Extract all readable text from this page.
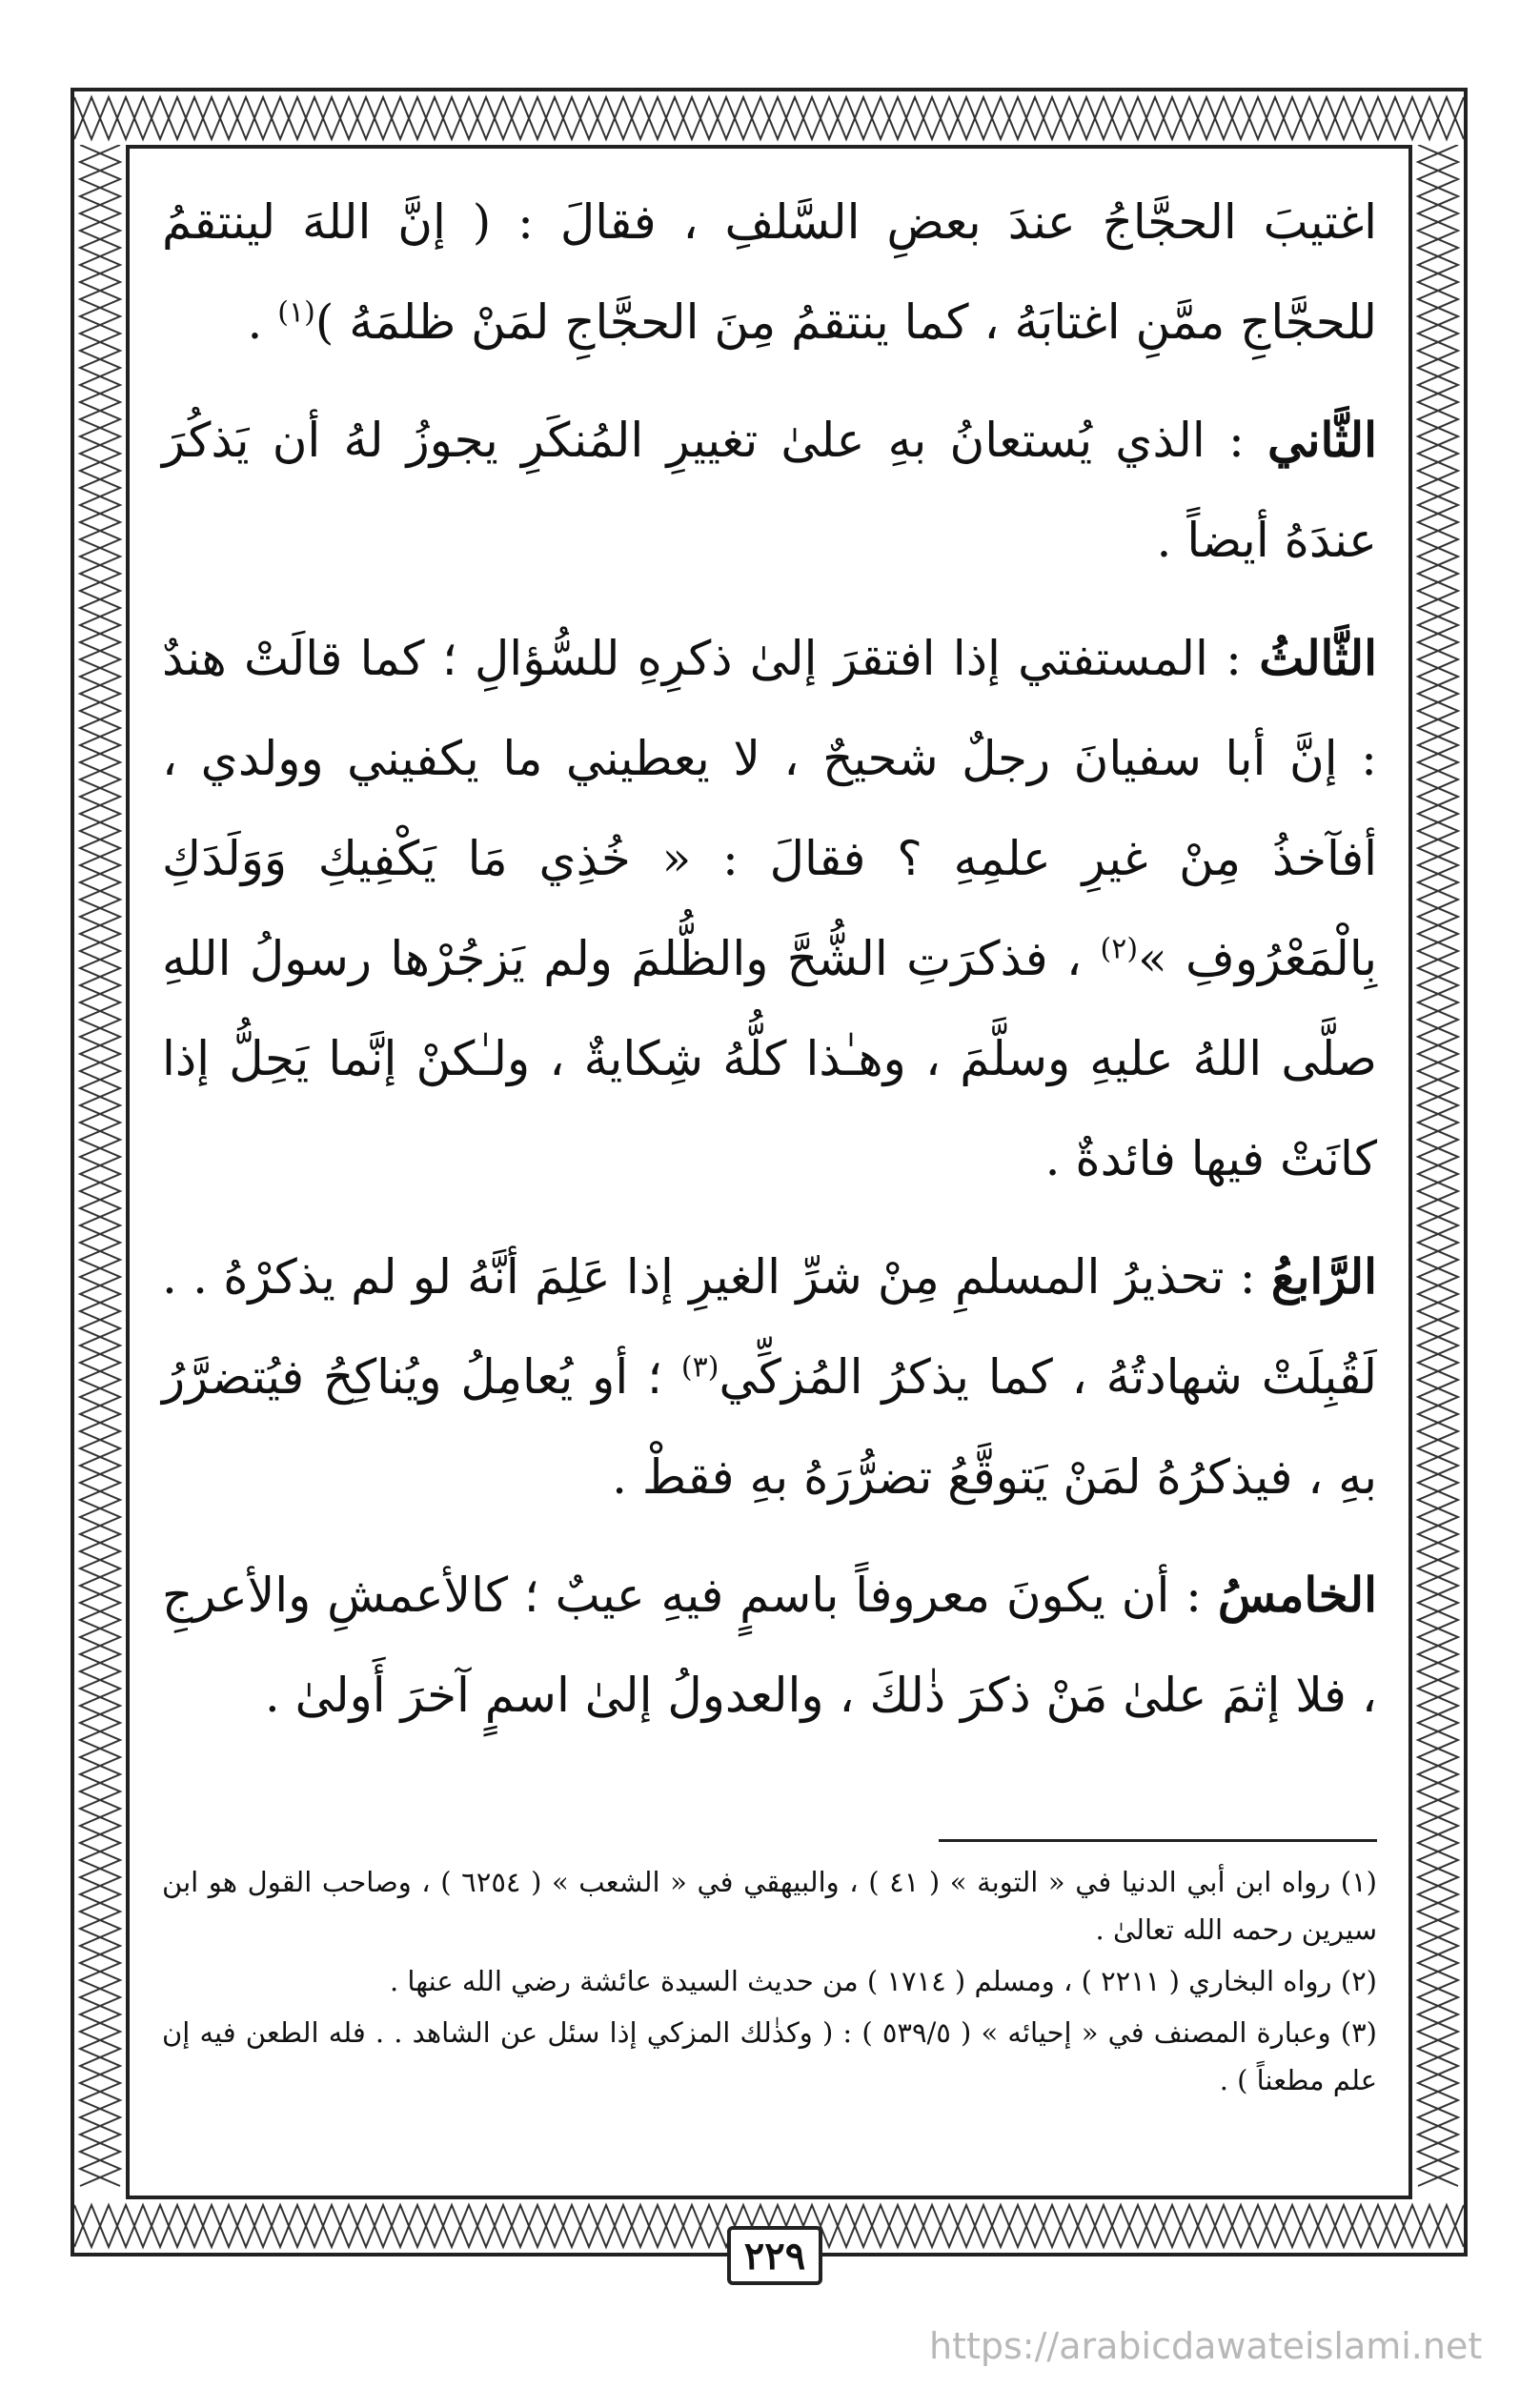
اغتيبَ الحجَّاجُ عندَ بعضِ السَّلفِ ، فقالَ : ( إنَّ اللهَ لينتقمُ للحجَّاجِ ممَّنِ اغتابَهُ ، كما ينتقمُ مِنَ الحجَّاجِ لمَنْ ظلمَهُ )$^{(١)}$ .

الثَّاني : الذي يُستعانُ بهِ علىٰ تغييرِ المُنكَرِ يجوزُ لهُ أن يَذكُرَ عندَهُ أيضاً .

الثَّالثُ : المستفتي إذا افتقرَ إلىٰ ذكرِهِ للسُّؤالِ ؛ كما قالَتْ هندٌ : إنَّ أبا سفيانَ رجلٌ شحيحٌ ، لا يعطيني ما يكفيني وولدي ، أفآخذُ مِنْ غيرِ علمِهِ ؟ فقالَ : « خُذِي مَا يَكْفِيكِ وَوَلَدَكِ بِالْمَعْرُوفِ »$^{(٢)}$ ، فذكرَتِ الشُّحَّ والظُّلمَ ولم يَزجُرْها رسولُ اللهِ صلَّى اللهُ عليهِ وسلَّمَ ، وهـٰذا كلُّهُ شِكايةٌ ، ولـٰكنْ إنَّما يَحِلُّ إذا كانَتْ فيها فائدةٌ .

الرَّابعُ : تحذيرُ المسلمِ مِنْ شرِّ الغيرِ إذا عَلِمَ أنَّهُ لو لم يذكرْهُ . . لَقُبِلَتْ شهادتُهُ ، كما يذكرُ المُزكِّي$^{(٣)}$ ؛ أو يُعامِلُ ويُناكِحُ فيُتضرَّرُ بهِ ، فيذكرُهُ لمَنْ يَتوقَّعُ تضرُّرَهُ بهِ فقطْ .

الخامسُ : أن يكونَ معروفاً باسمٍ فيهِ عيبٌ ؛ كالأعمشِ والأعرجِ ، فلا إثمَ علىٰ مَنْ ذكرَ ذٰلكَ ، والعدولُ إلىٰ اسمٍ آخرَ أَولىٰ .

(١) رواه ابن أبي الدنيا في « التوبة » ( ٤١ ) ، والبيهقي في « الشعب » ( ٦٢٥٤ ) ، وصاحب القول هو ابن سيرين رحمه الله تعالىٰ .

(٢) رواه البخاري ( ٢٢١١ ) ، ومسلم ( ١٧١٤ ) من حديث السيدة عائشة رضي الله عنها .

(٣) وعبارة المصنف في « إحيائه » ( ٥٣٩/٥ ) : ( وكذٰلك المزكي إذا سئل عن الشاهد . . فله الطعن فيه إن علم مطعناً ) .

٢٢٩
https://arabicdawateislami.net
